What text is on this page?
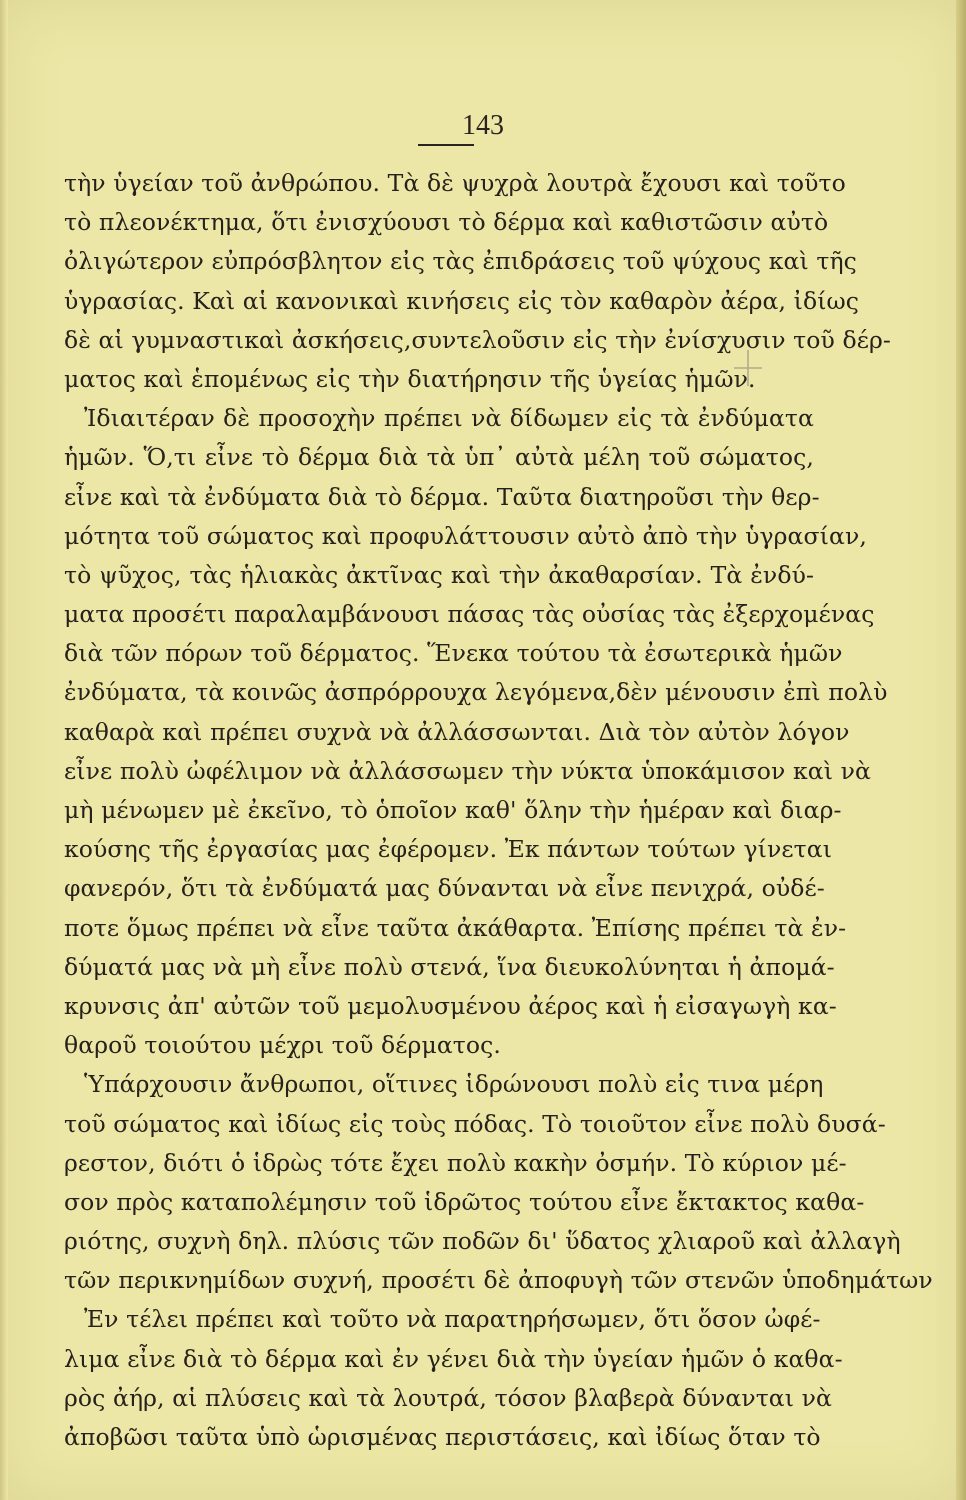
143
τὴν ὑγείαν τοῦ ἀνθρώπου. Τὰ δὲ ψυχρὰ λουτρὰ ἔχουσι καὶ τοῦτο
τὸ πλεονέκτημα, ὅτι ἐνισχύουσι τὸ δέρμα καὶ καθιστῶσιν αὐτὸ
ὀλιγώτερον εὐπρόσβλητον εἰς τὰς ἐπιδράσεις τοῦ ψύχους καὶ τῆς
ὑγρασίας. Καὶ αἱ κανονικαὶ κινήσεις εἰς τὸν καθαρὸν ἀέρα, ἰδίως
δὲ αἱ γυμναστικαὶ ἀσκήσεις,συντελοῦσιν εἰς τὴν ἐνίσχυσιν τοῦ δέρ-
ματος καὶ ἑπομένως εἰς τὴν διατήρησιν τῆς ὑγείας ἡμῶν.
Ἰδιαιτέραν δὲ προσοχὴν πρέπει νὰ δίδωμεν εἰς τὰ ἐνδύματα
ἡμῶν. Ὅ,τι εἶνε τὸ δέρμα διὰ τὰ ὑπ᾿ αὐτὰ μέλη τοῦ σώματος,
εἶνε καὶ τὰ ἐνδύματα διὰ τὸ δέρμα. Ταῦτα διατηροῦσι τὴν θερ-
μότητα τοῦ σώματος καὶ προφυλάττουσιν αὐτὸ ἀπὸ τὴν ὑγρασίαν,
τὸ ψῦχος, τὰς ἡλιακὰς ἀκτῖνας καὶ τὴν ἀκαθαρσίαν. Τὰ ἐνδύ-
ματα προσέτι παραλαμβάνουσι πάσας τὰς οὐσίας τὰς ἐξερχομένας
διὰ τῶν πόρων τοῦ δέρματος. Ἕνεκα τούτου τὰ ἐσωτερικὰ ἡμῶν
ἐνδύματα, τὰ κοινῶς ἀσπρόρρουχα λεγόμενα,δὲν μένουσιν ἐπὶ πολὺ
καθαρὰ καὶ πρέπει συχνὰ νὰ ἀλλάσσωνται. Διὰ τὸν αὐτὸν λόγον
εἶνε πολὺ ὠφέλιμον νὰ ἀλλάσσωμεν τὴν νύκτα ὑποκάμισον καὶ νὰ
μὴ μένωμεν μὲ ἐκεῖνο, τὸ ὁποῖον καθ' ὅλην τὴν ἡμέραν καὶ διαρ-
κούσης τῆς ἐργασίας μας ἐφέρομεν. Ἐκ πάντων τούτων γίνεται
φανερόν, ὅτι τὰ ἐνδύματά μας δύνανται νὰ εἶνε πενιχρά, οὐδέ-
ποτε ὅμως πρέπει νὰ εἶνε ταῦτα ἀκάθαρτα. Ἐπίσης πρέπει τὰ ἐν-
δύματά μας νὰ μὴ εἶνε πολὺ στενά, ἵνα διευκολύνηται ἡ ἀπομά-
κρυνσις ἀπ' αὐτῶν τοῦ μεμολυσμένου ἀέρος καὶ ἡ εἰσαγωγὴ κα-
θαροῦ τοιούτου μέχρι τοῦ δέρματος.
Ὑπάρχουσιν ἄνθρωποι, οἵτινες ἱδρώνουσι πολὺ εἰς τινα μέρη
τοῦ σώματος καὶ ἰδίως εἰς τοὺς πόδας. Τὸ τοιοῦτον εἶνε πολὺ δυσά-
ρεστον, διότι ὁ ἱδρὼς τότε ἔχει πολὺ κακὴν ὀσμήν. Τὸ κύριον μέ-
σον πρὸς καταπολέμησιν τοῦ ἱδρῶτος τούτου εἶνε ἔκτακτος καθα-
ριότης, συχνὴ δηλ. πλύσις τῶν ποδῶν δι' ὕδατος χλιαροῦ καὶ ἀλλαγὴ
τῶν περικνημίδων συχνή, προσέτι δὲ ἀποφυγὴ τῶν στενῶν ὑποδημάτων
Ἐν τέλει πρέπει καὶ τοῦτο νὰ παρατηρήσωμεν, ὅτι ὅσον ὠφέ-
λιμα εἶνε διὰ τὸ δέρμα καὶ ἐν γένει διὰ τὴν ὑγείαν ἡμῶν ὁ καθα-
ρὸς ἀήρ, αἱ πλύσεις καὶ τὰ λουτρά, τόσον βλαβερὰ δύνανται νὰ
ἀποβῶσι ταῦτα ὑπὸ ὡρισμένας περιστάσεις, καὶ ἰδίως ὅταν τὸ
